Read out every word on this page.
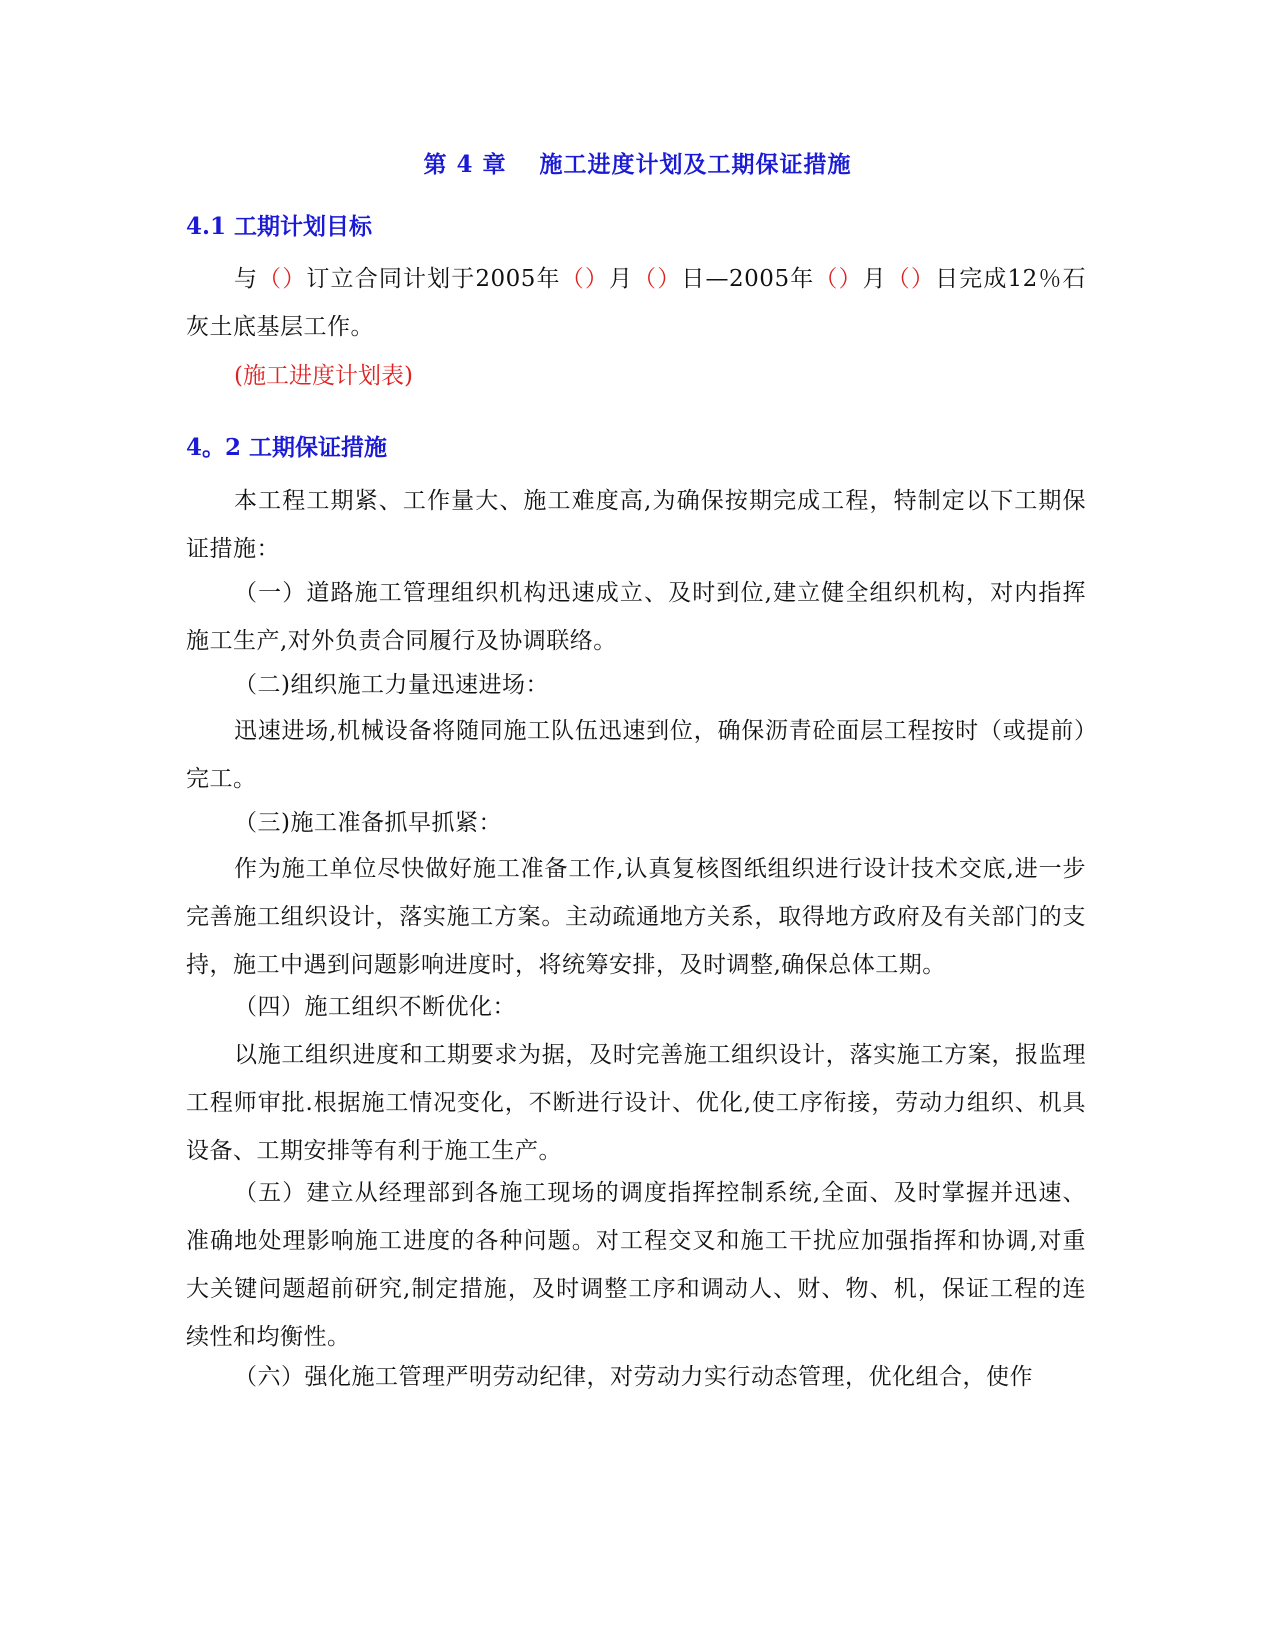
第 4 章　 施工进度计划及工期保证措施
4.1 工期计划目标
与（）订立合同计划于2005年（）月（）日—2005年（）月（）日完成12％石灰土底基层工作。
(施工进度计划表)
4。2 工期保证措施
本工程工期紧、工作量大、施工难度高,为确保按期完成工程，特制定以下工期保证措施：
（一）道路施工管理组织机构迅速成立、及时到位,建立健全组织机构，对内指挥施工生产,对外负责合同履行及协调联络。
（二)组织施工力量迅速进场：
迅速进场,机械设备将随同施工队伍迅速到位，确保沥青砼面层工程按时（或提前）完工。
（三)施工准备抓早抓紧：
作为施工单位尽快做好施工准备工作,认真复核图纸组织进行设计技术交底,进一步完善施工组织设计，落实施工方案。主动疏通地方关系，取得地方政府及有关部门的支持，施工中遇到问题影响进度时，将统筹安排，及时调整,确保总体工期。
（四）施工组织不断优化：
以施工组织进度和工期要求为据，及时完善施工组织设计，落实施工方案，报监理工程师审批.根据施工情况变化，不断进行设计、优化,使工序衔接，劳动力组织、机具设备、工期安排等有利于施工生产。
（五）建立从经理部到各施工现场的调度指挥控制系统,全面、及时掌握并迅速、准确地处理影响施工进度的各种问题。对工程交叉和施工干扰应加强指挥和协调,对重大关键问题超前研究,制定措施，及时调整工序和调动人、财、物、机，保证工程的连续性和均衡性。
（六）强化施工管理严明劳动纪律，对劳动力实行动态管理，优化组合，使作
